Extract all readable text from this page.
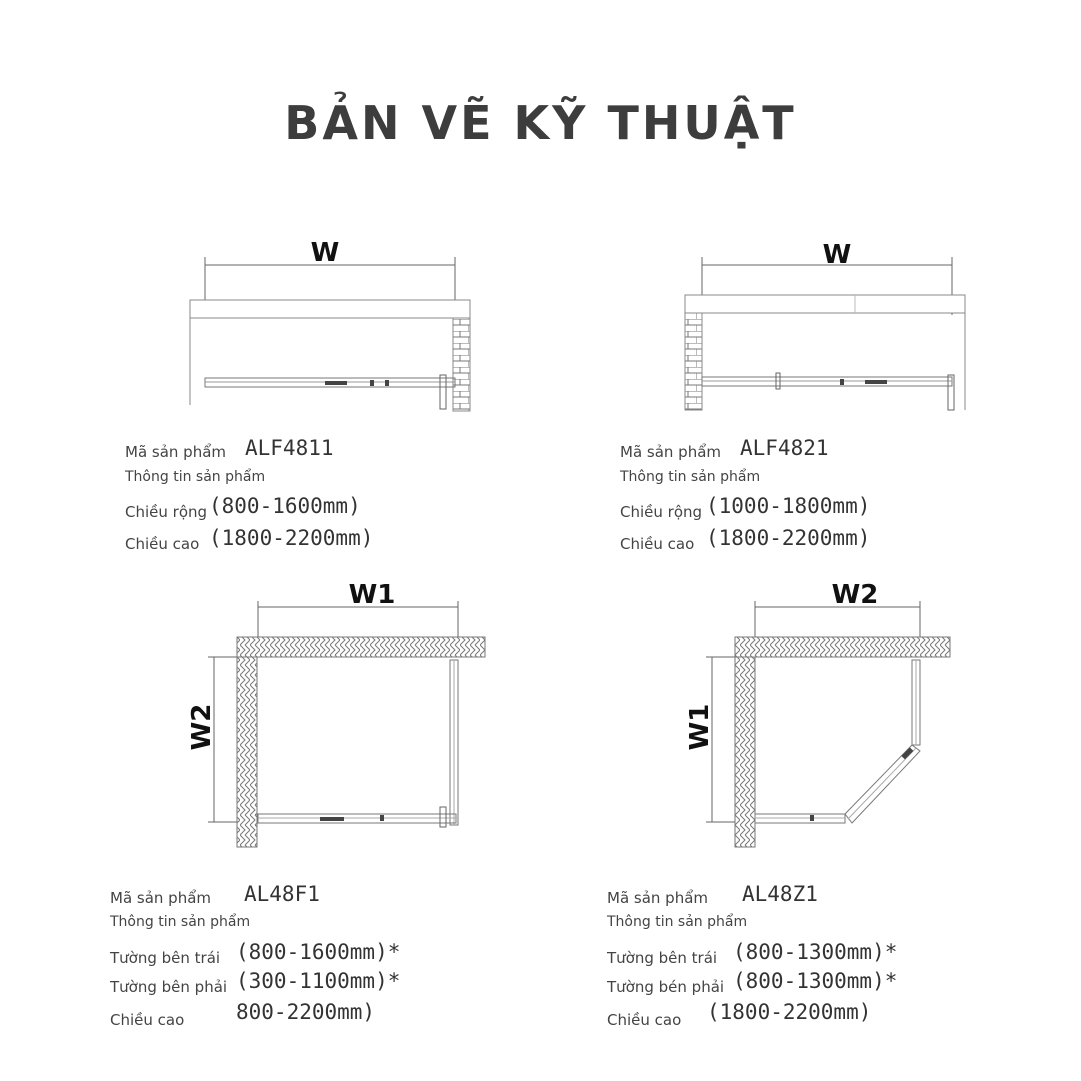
BẢN VẼ KỸ THUẬT
W	W
W1
W2
W2
W1
Mã sản phẩm ALF4811
Thông tin sản phẩm
Chiều rộng (800-1600mm)
Chiều cao (1800-2200mm)
Mã sản phẩm ALF4821
Thông tin sản phẩm
Chiều rộng (1000-1800mm)
Chiều cao (1800-2200mm)
Mã sản phẩm AL48F1
Thông tin sản phẩm
Tường bên trái (800-1600mm)*
Tường bên phải (300-1100mm)*
Chiều cao 800-2200mm)
Mã sản phẩm AL48Z1
Thông tin sản phẩm
Tường bên trái (800-1300mm)*
Tường bén phải (800-1300mm)*
Chiều cao (1800-2200mm)
